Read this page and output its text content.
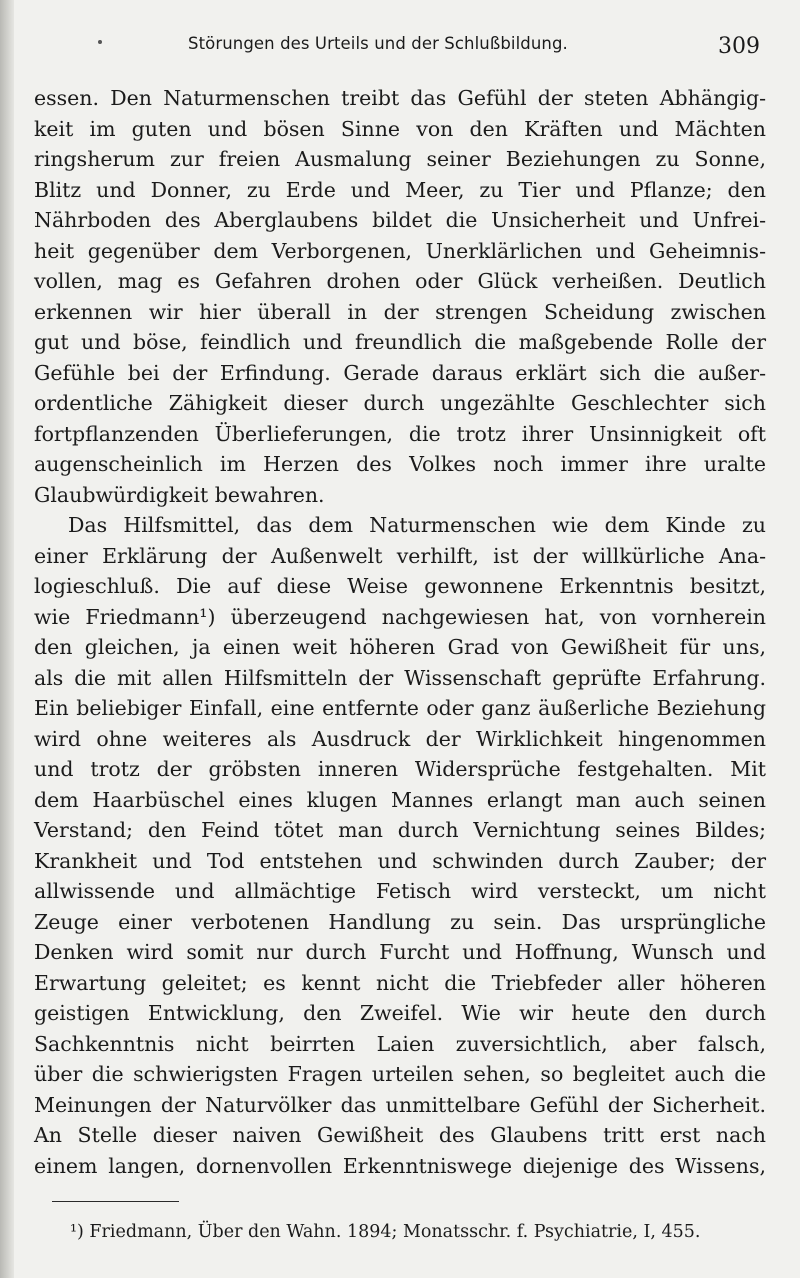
Störungen des Urteils und der Schlußbildung.	309
essen. Den Naturmenschen treibt das Gefühl der steten Abhängig-
keit im guten und bösen Sinne von den Kräften und Mächten
ringsherum zur freien Ausmalung seiner Beziehungen zu Sonne,
Blitz und Donner, zu Erde und Meer, zu Tier und Pflanze; den
Nährboden des Aberglaubens bildet die Unsicherheit und Unfrei-
heit gegenüber dem Verborgenen, Unerklärlichen und Geheimnis-
vollen, mag es Gefahren drohen oder Glück verheißen. Deutlich
erkennen wir hier überall in der strengen Scheidung zwischen
gut und böse, feindlich und freundlich die maßgebende Rolle der
Gefühle bei der Erfindung. Gerade daraus erklärt sich die außer-
ordentliche Zähigkeit dieser durch ungezählte Geschlechter sich
fortpflanzenden Überlieferungen, die trotz ihrer Unsinnigkeit oft
augenscheinlich im Herzen des Volkes noch immer ihre uralte
Glaubwürdigkeit bewahren.
Das Hilfsmittel, das dem Naturmenschen wie dem Kinde zu
einer Erklärung der Außenwelt verhilft, ist der willkürliche Ana-
logieschluß. Die auf diese Weise gewonnene Erkenntnis besitzt,
wie Friedmann¹) überzeugend nachgewiesen hat, von vornherein
den gleichen, ja einen weit höheren Grad von Gewißheit für uns,
als die mit allen Hilfsmitteln der Wissenschaft geprüfte Erfahrung.
Ein beliebiger Einfall, eine entfernte oder ganz äußerliche Beziehung
wird ohne weiteres als Ausdruck der Wirklichkeit hingenommen
und trotz der gröbsten inneren Widersprüche festgehalten. Mit
dem Haarbüschel eines klugen Mannes erlangt man auch seinen
Verstand; den Feind tötet man durch Vernichtung seines Bildes;
Krankheit und Tod entstehen und schwinden durch Zauber; der
allwissende und allmächtige Fetisch wird versteckt, um nicht
Zeuge einer verbotenen Handlung zu sein. Das ursprüngliche
Denken wird somit nur durch Furcht und Hoffnung, Wunsch und
Erwartung geleitet; es kennt nicht die Triebfeder aller höheren
geistigen Entwicklung, den Zweifel. Wie wir heute den durch
Sachkenntnis nicht beirrten Laien zuversichtlich, aber falsch,
über die schwierigsten Fragen urteilen sehen, so begleitet auch die
Meinungen der Naturvölker das unmittelbare Gefühl der Sicherheit.
An Stelle dieser naiven Gewißheit des Glaubens tritt erst nach
einem langen, dornenvollen Erkenntniswege diejenige des Wissens,
¹) Friedmann, Über den Wahn. 1894; Monatsschr. f. Psychiatrie, I, 455.
